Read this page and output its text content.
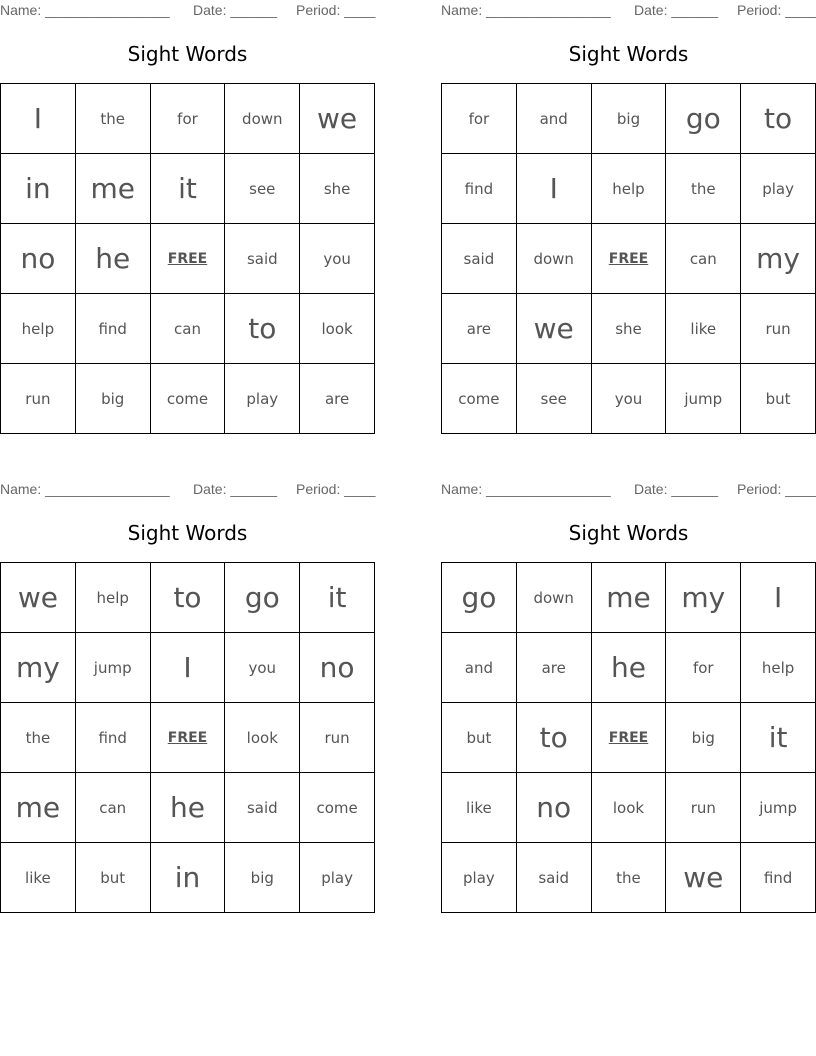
Name: ________________ Date: ______ Period: ____
Sight Words
I	the	for	down	we
in	me	it	see	she
no	he	FREE	said	you
help	find	can	to	look
run	big	come	play	are
Name: ________________ Date: ______ Period: ____
Sight Words
for	and	big	go	to
find	I	help	the	play
said	down	FREE	can	my
are	we	she	like	run
come	see	you	jump	but
Name: ________________ Date: ______ Period: ____
Sight Words
we	help	to	go	it
my	jump	I	you	no
the	find	FREE	look	run
me	can	he	said	come
like	but	in	big	play
Name: ________________ Date: ______ Period: ____
Sight Words
go	down	me	my	I
and	are	he	for	help
but	to	FREE	big	it
like	no	look	run	jump
play	said	the	we	find
